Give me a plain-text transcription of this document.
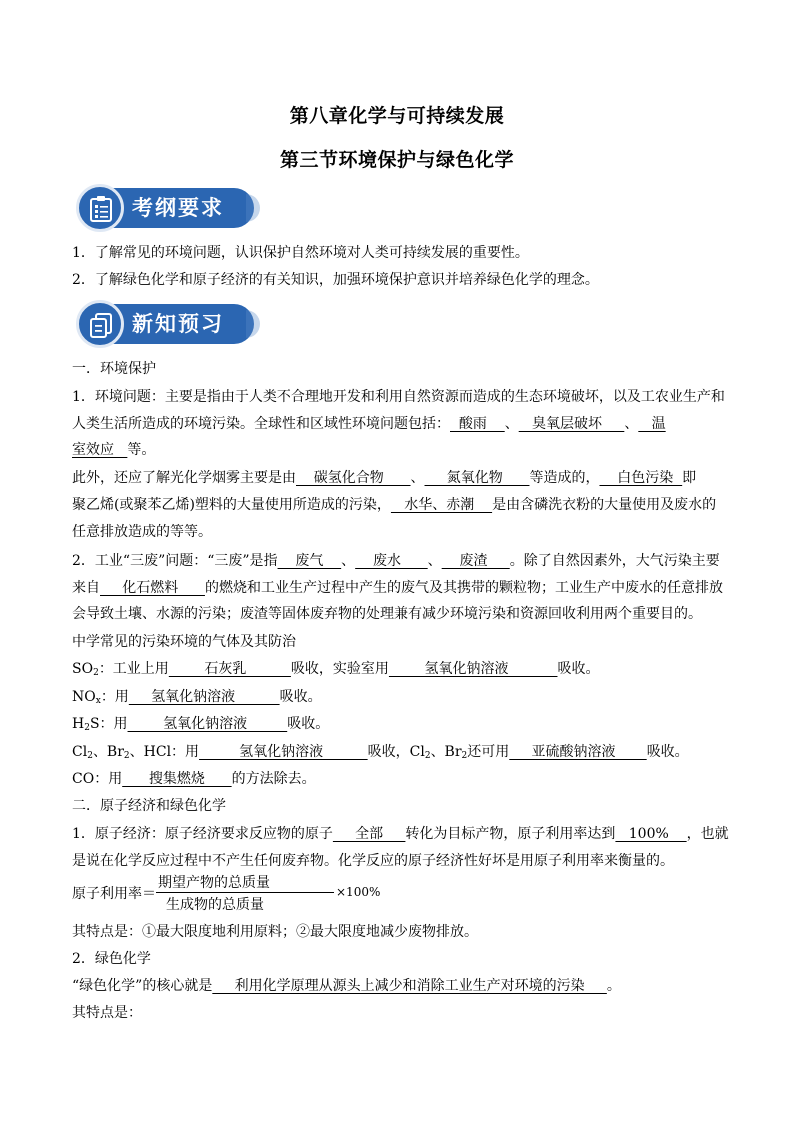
第八章化学与可持续发展
第三节环境保护与绿色化学
考纲要求
1．了解常见的环境问题，认识保护自然环境对人类可持续发展的重要性。
2．了解绿色化学和原子经济的有关知识，加强环境保护意识并培养绿色化学的理念。
新知预习
一．环境保护
1．环境问题：主要是指由于人类不合理地开发和利用自然资源而造成的生态环境破坏，以及工农业生产和
人类生活所造成的环境污染。全球性和区域性环境问题包括：  酸雨    、   臭氧层破坏     、   温
室效应   等。
此外，还应了解光化学烟雾主要是由    碳氢化合物      、     氮氧化物      等造成的，    白色污染  即
聚乙烯(或聚苯乙烯)塑料的大量使用所造成的污染，   水华、赤潮    是由含磷洗衣粉的大量使用及废水的
任意排放造成的等等。
2．工业“三废”问题：“三废”是指    废气    、    废水      、    废渣     。除了自然因素外，大气污染主要
来自     化石燃料      的燃烧和工业生产过程中产生的废气及其携带的颗粒物；工业生产中废水的任意排放
会导致土壤、水源的污染；废渣等固体废弃物的处理兼有减少环境污染和资源回收利用两个重要目的。
中学常见的污染环境的气体及其防治
$SO_2$：工业上用        石灰乳          吸收，实验室用        氢氧化钠溶液           吸收。
$NO_x$：用     氢氧化钠溶液          吸收。
$H_2S$：用        氢氧化钠溶液         吸收。
$Cl_2$、$Br_2$、HCl：用         氢氧化钠溶液          吸收，$Cl_2$、$Br_2$还可用     亚硫酸钠溶液       吸收。
CO：用      搜集燃烧      的方法除去。
二．原子经济和绿色化学
1．原子经济：原子经济要求反应物的原子     全部     转化为目标产物，原子利用率达到   100%    ，也就
是说在化学反应过程中不产生任何废弃物。化学反应的原子经济性好坏是用原子利用率来衡量的。
原子利用率＝
期望产物的总质量
生成物的总质量
×100%
其特点是：①最大限度地利用原料；②最大限度地减少废物排放。
2．绿色化学
“绿色化学”的核心就是     利用化学原理从源头上减少和消除工业生产对环境的污染     。
其特点是：
